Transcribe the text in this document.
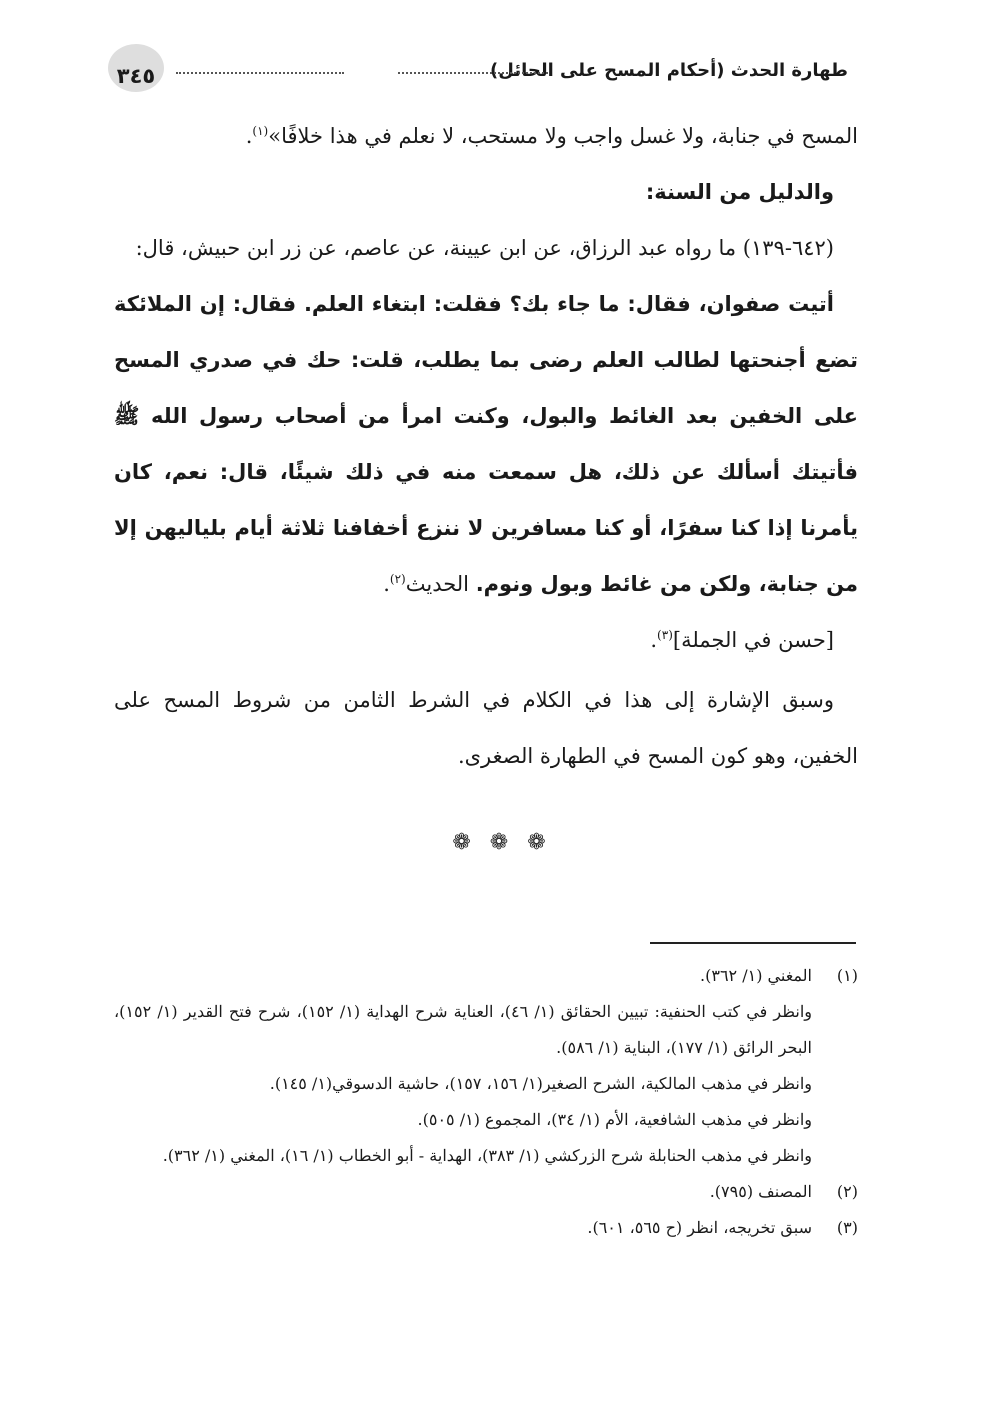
طهارة الحدث (أحكام المسح على الحائل)
٣٤٥

المسح في جنابة، ولا غسل واجب ولا مستحب، لا نعلم في هذا خلافًا»$^{(١)}$.

والدليل من السنة:

(٦٤٢-١٣٩) ما رواه عبد الرزاق، عن ابن عيينة، عن عاصم، عن زر ابن حبيش، قال:

أتيت صفوان، فقال: ما جاء بك؟ فقلت: ابتغاء العلم. فقال: إن الملائكة تضع أجنحتها لطالب العلم رضى بما يطلب، قلت: حك في صدري المسح على الخفين بعد الغائط والبول، وكنت امرأ من أصحاب رسول الله ﷺ فأتيتك أسألك عن ذلك، هل سمعت منه في ذلك شيئًا، قال: نعم، كان يأمرنا إذا كنا سفرًا، أو كنا مسافرين لا ننزع أخفافنا ثلاثة أيام بلياليهن إلا من جنابة، ولكن من غائط وبول ونوم. الحديث$^{(٢)}$.

[حسن في الجملة]$^{(٣)}$.

وسبق الإشارة إلى هذا في الكلام في الشرط الثامن من شروط المسح على الخفين، وهو كون المسح في الطهارة الصغرى.

❁ ❁ ❁
(١)

المغني (١/ ٣٦٢).

وانظر في كتب الحنفية: تبيين الحقائق (١/ ٤٦)، العناية شرح الهداية (١/ ١٥٢)، شرح فتح القدير (١/ ١٥٢)، البحر الرائق (١/ ١٧٧)، البناية (١/ ٥٨٦).

وانظر في مذهب المالكية، الشرح الصغير(١/ ١٥٦، ١٥٧)، حاشية الدسوقي(١/ ١٤٥).

وانظر في مذهب الشافعية، الأم (١/ ٣٤)، المجموع (١/ ٥٠٥).

وانظر في مذهب الحنابلة شرح الزركشي (١/ ٣٨٣)، الهداية - أبو الخطاب (١/ ١٦)، المغني (١/ ٣٦٢).

(٢)

المصنف (٧٩٥).

(٣)

سبق تخريجه، انظر (ح ٥٦٥، ٦٠١).
